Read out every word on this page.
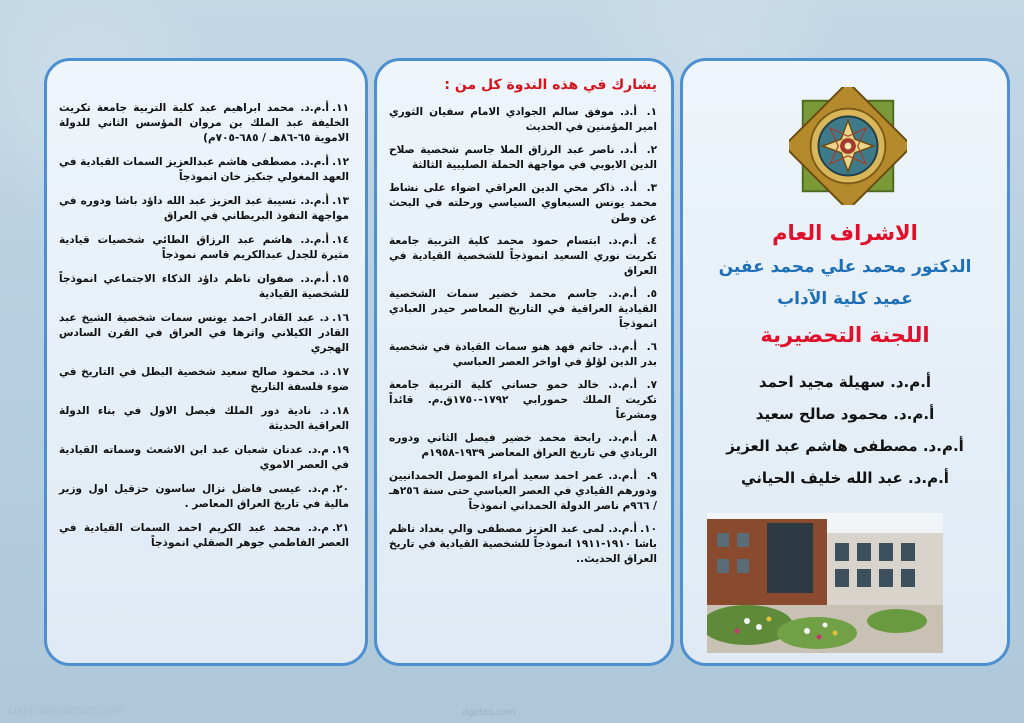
الاشراف العام
الدكتور محمد علي محمد عفين
عميد كلية الآداب
اللجنة التحضيرية
أ.م.د. سهيلة مجيد احمد
أ.م.د. محمود صالح سعيد
أ.م.د. مصطفى هاشم عبد العزيز
أ.م.د. عبد الله خليف الحياني
يشارك في هذه الندوة كل من :
١.أ.د. موفق سالم الجوادي الامام سفيان الثوري امير المؤمنين في الحديث
٢.أ.د. ناصر عبد الرزاق الملا جاسم شخصية صلاح الدين الايوبي في مواجهة الحملة الصليبية الثالثة
٣.أ.د. ذاكر محي الدين العراقي اضواء على نشاط محمد يونس السبعاوي السياسي ورحلته في البحث عن وطن
٤.أ.م.د. ابتسام حمود محمد كلية التربية جامعة تكريت نوري السعيد انموذجاً للشخصية القيادية في العراق
٥.أ.م.د. جاسم محمد خضير سمات الشخصية القيادية العراقية في التاريخ المعاصر حيدر العبادي انموذجاً
٦.أ.م.د. حاتم فهد هنو سمات القيادة في شخصية بدر الدين لؤلؤ في اواخر العصر العباسي
٧.أ.م.د. خالد حمو حساني كلية التربية جامعة تكريت الملك حمورابي ١٧٩٢-١٧٥٠ق.م. قائداً ومشرعاً
٨.أ.م.د. رابحة محمد خضير فيصل الثاني ودوره الريادي في تاريخ العراق المعاصر ١٩٣٩-١٩٥٨م
٩.أ.م.د. عمر احمد سعيد أمراء الموصل الحمدانيين ودورهم القيادي في العصر العباسي حتى سنة ٢٥٦هـ / ٩٦٦م ناصر الدولة الحمداني انموذجاً
١٠.أ.م.د. لمى عبد العزيز مصطفى والي بغداد ناظم باشا ١٩١٠-١٩١١ انموذجاً للشخصية القيادية في تاريخ العراق الحديث..
١١.أ.م.د. محمد ابراهيم عبد كلية التربية جامعة تكريت الخليفة عبد الملك بن مروان المؤسس الثاني للدولة الاموية ٦٥-٨٦هـ / ٦٨٥-٧٠٥م)
١٢.أ.م.د. مصطفى هاشم عبدالعزيز السمات القيادية في العهد المغولي جنكيز خان انموذجاً
١٣.أ.م.د. نسيبة عبد العزيز عبد الله داؤد باشا ودوره في مواجهة النفوذ البريطاني في العراق
١٤.أ.م.د. هاشم عبد الرزاق الطائي شخصيات قيادية مثيرة للجدل عبدالكريم قاسم نموذجاً
١٥.أ.م.د. صفوان ناظم داؤد الذكاء الاجتماعي انموذجاً للشخصية القيادية
١٦.د. عبد القادر احمد يونس سمات شخصية الشيخ عبد القادر الكيلاني واثرها في العراق في القرن السادس الهجري
١٧.د. محمود صالح سعيد شخصية البطل في التاريخ في ضوء فلسفة التاريخ
١٨.د. نادية دور الملك فيصل الاول في بناء الدولة العراقية الحديثة
١٩.م.د. عدنان شعبان عبد ابن الاشعث وسماته القيادية في العصر الاموي
٢٠.م.د. عيسى فاضل نزال ساسون حزقيل اول وزير مالية في تاريخ العراق المعاصر .
٢١.م.د. محمد عبد الكريم احمد السمات القيادية في العصر الفاطمي جوهر الصقلي انموذجاً
Lisyn.deviantart.com	dgptoo.com
